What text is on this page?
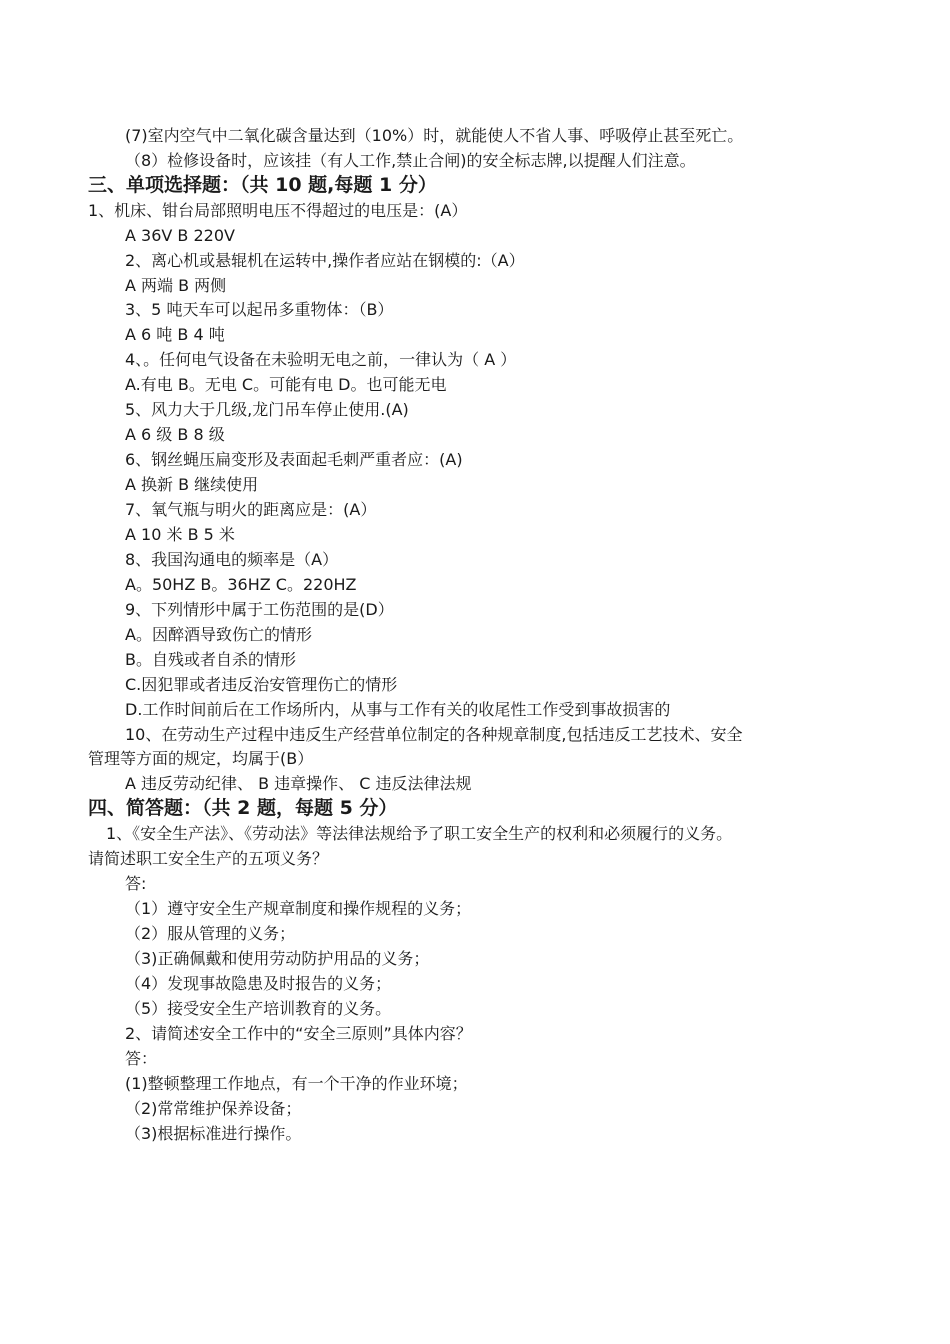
(7)室内空气中二氧化碳含量达到（10%）时，就能使人不省人事、呼吸停止甚至死亡。
（8）检修设备时，应该挂（有人工作,禁止合闸)的安全标志牌,以提醒人们注意。
三、单项选择题：（共 10 题,每题 1 分）
1、机床、钳台局部照明电压不得超过的电压是：(A）
A 36V B 220V
2、离心机或悬辊机在运转中,操作者应站在钢模的:（A）
A 两端 B 两侧
3、5 吨天车可以起吊多重物体：（B）
A 6 吨 B 4 吨
4、。任何电气设备在未验明无电之前，一律认为（ A ）
A.有电 B。无电 C。可能有电 D。也可能无电
5、风力大于几级,龙门吊车停止使用.(A)
A 6 级 B 8 级
6、钢丝蝇压扁变形及表面起毛刺严重者应：(A)
A 换新 B 继续使用
7、氧气瓶与明火的距离应是：(A）
A 10 米 B 5 米
8、我国沟通电的频率是（A）
A。50HZ B。36HZ C。220HZ
9、下列情形中属于工伤范围的是(D）
A。因醉酒导致伤亡的情形
B。自残或者自杀的情形
C.因犯罪或者违反治安管理伤亡的情形
D.工作时间前后在工作场所内，从事与工作有关的收尾性工作受到事故损害的
10、在劳动生产过程中违反生产经营单位制定的各种规章制度,包括违反工艺技术、安全
管理等方面的规定，均属于(B）
A 违反劳动纪律、 B 违章操作、 C 违反法律法规
四、简答题：（共 2 题，每题 5 分）
1、《安全生产法》、《劳动法》等法律法规给予了职工安全生产的权利和必须履行的义务。
请简述职工安全生产的五项义务？
答:
（1）遵守安全生产规章制度和操作规程的义务；
（2）服从管理的义务；
（3)正确佩戴和使用劳动防护用品的义务；
（4）发现事故隐患及时报告的义务；
（5）接受安全生产培训教育的义务。
2、请简述安全工作中的“安全三原则”具体内容？
答：
(1)整顿整理工作地点，有一个干净的作业环境；
（2)常常维护保养设备；
（3)根据标准进行操作。
